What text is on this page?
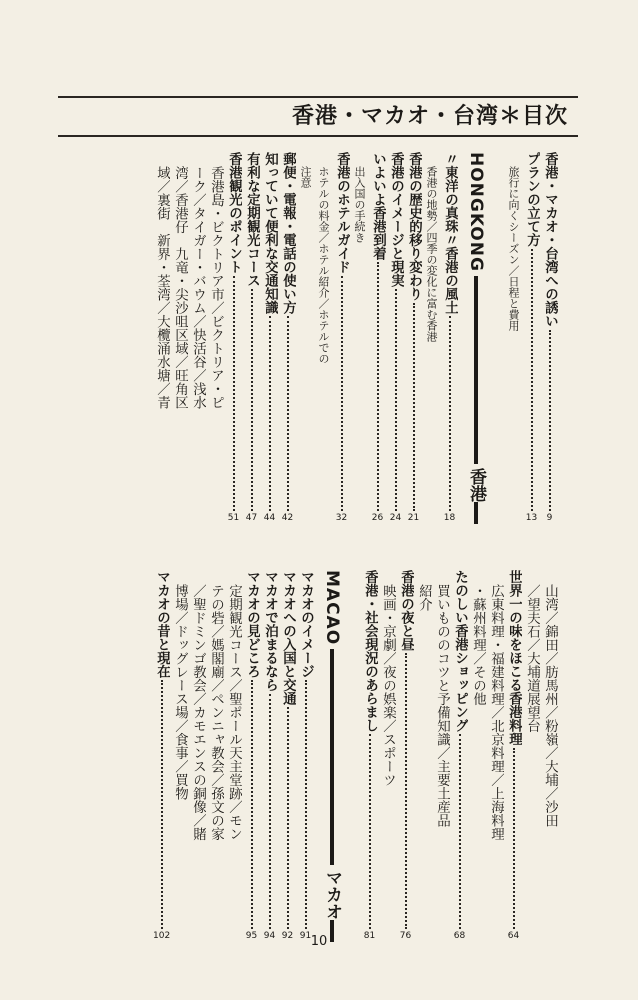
香港・マカオ・台湾＊目次
香港・マカオ・台湾への誘い
9
プランの立て方
13
旅行に向くシーズン／日程と費用
HONGKONG
香港
〃東洋の真珠〃香港の風土
18
香港の地勢／四季の変化に富む香港
香港の歴史的移り変わり
21
香港のイメージと現実
24
いよいよ香港到着
26
出入国の手続き
香港のホテルガイド
32
ホテルの料金／ホテル紹介／ホテルでの
注意
郵便・電報・電話の使い方
42
知っていて便利な交通知識
44
有利な定期観光コース
47
香港観光のポイント
51
香港島・ビクトリア市／ビクトリア・ピ
ーク／タイガー・バウム／快活谷／浅水
湾／香港仔　九竜・尖沙咀区域／旺角区
域／裏街　新界・荃湾／大欖涌水塘／青
山湾／錦田／肪馬州／粉嶺／大埔／沙田
／望夫石／大埔道展望台
世界一の味をほこる香港料理
64
広東料理・福建料理／北京料理／上海料理
・蘇州料理／その他
たのしい香港ショッピング
68
買いもののコツと予備知識／主要土産品
紹介
香港の夜と昼
76
映画・京劇／夜の娯楽／スポーツ
香港・社会現況のあらまし
81
MACAO
マカオ
マカオのイメージ
91
マカオへの入国と交通
92
マカオで泊まるなら
94
マカオの見どころ
95
定期観光コース／聖ポール天主堂跡／モン
テの砦／媽閣廟／ペンニャ教会／孫文の家
／聖ドミンゴ教会／カモエンスの銅像／賭
博場／ドッグレース場／食事／買物
マカオの昔と現在
102	10
